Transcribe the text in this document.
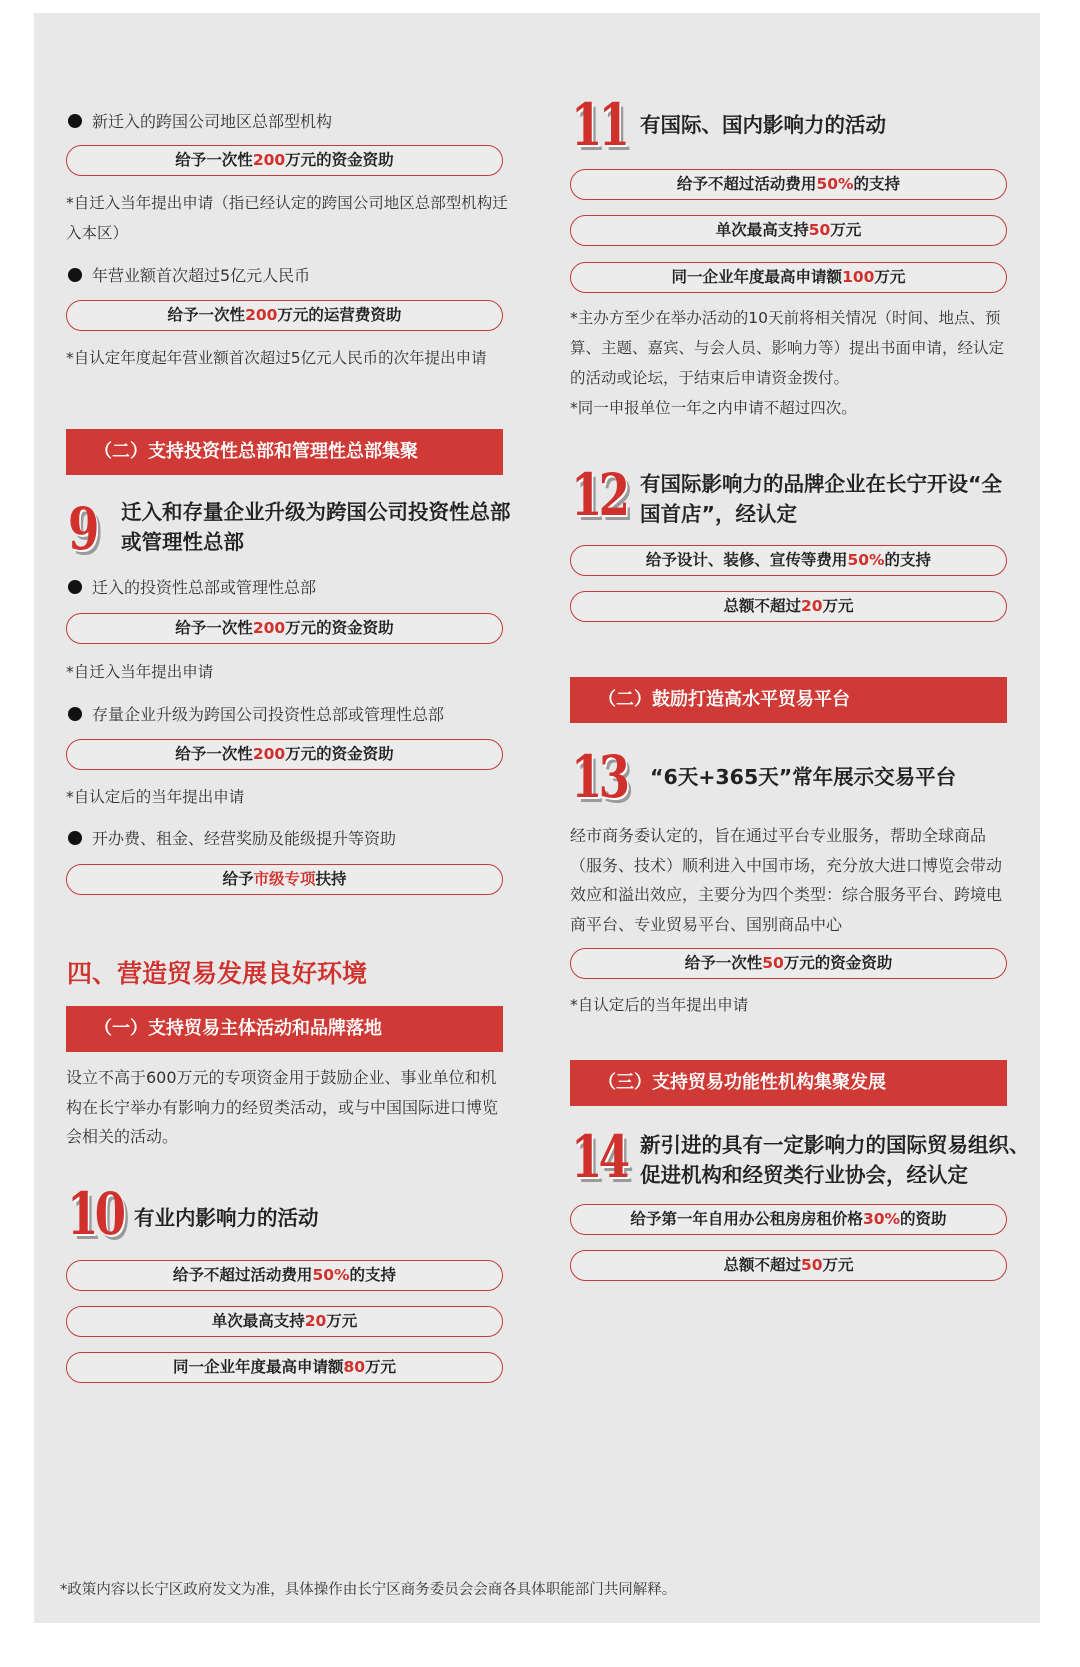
新迁入的跨国公司地区总部型机构
给予一次性200万元的资金资助
*自迁入当年提出申请（指已经认定的跨国公司地区总部型机构迁入本区）
年营业额首次超过5亿元人民币
给予一次性200万元的运营费资助
*自认定年度起年营业额首次超过5亿元人民币的次年提出申请
（二）支持投资性总部和管理性总部集聚
9 迁入和存量企业升级为跨国公司投资性总部或管理性总部
迁入的投资性总部或管理性总部
给予一次性200万元的资金资助
*自迁入当年提出申请
存量企业升级为跨国公司投资性总部或管理性总部
给予一次性200万元的资金资助
*自认定后的当年提出申请
开办费、租金、经营奖励及能级提升等资助
给予市级专项扶持
四、营造贸易发展良好环境
（一）支持贸易主体活动和品牌落地
设立不高于600万元的专项资金用于鼓励企业、事业单位和机构在长宁举办有影响力的经贸类活动，或与中国国际进口博览会相关的活动。
10 有业内影响力的活动
给予不超过活动费用50%的支持
单次最高支持20万元
同一企业年度最高申请额80万元
11 有国际、国内影响力的活动
给予不超过活动费用50%的支持
单次最高支持50万元
同一企业年度最高申请额100万元
*主办方至少在举办活动的10天前将相关情况（时间、地点、预算、主题、嘉宾、与会人员、影响力等）提出书面申请，经认定的活动或论坛，于结束后申请资金拨付。
*同一申报单位一年之内申请不超过四次。
12 有国际影响力的品牌企业在长宁开设“全国首店”，经认定
给予设计、装修、宣传等费用50%的支持
总额不超过20万元
（二）鼓励打造高水平贸易平台
13 “6天+365天”常年展示交易平台
经市商务委认定的，旨在通过平台专业服务，帮助全球商品（服务、技术）顺利进入中国市场，充分放大进口博览会带动效应和溢出效应，主要分为四个类型：综合服务平台、跨境电商平台、专业贸易平台、国别商品中心
给予一次性50万元的资金资助
*自认定后的当年提出申请
（三）支持贸易功能性机构集聚发展
14 新引进的具有一定影响力的国际贸易组织、促进机构和经贸类行业协会，经认定
给予第一年自用办公租房房租价格30%的资助
总额不超过50万元
*政策内容以长宁区政府发文为准，具体操作由长宁区商务委员会会商各具体职能部门共同解释。
